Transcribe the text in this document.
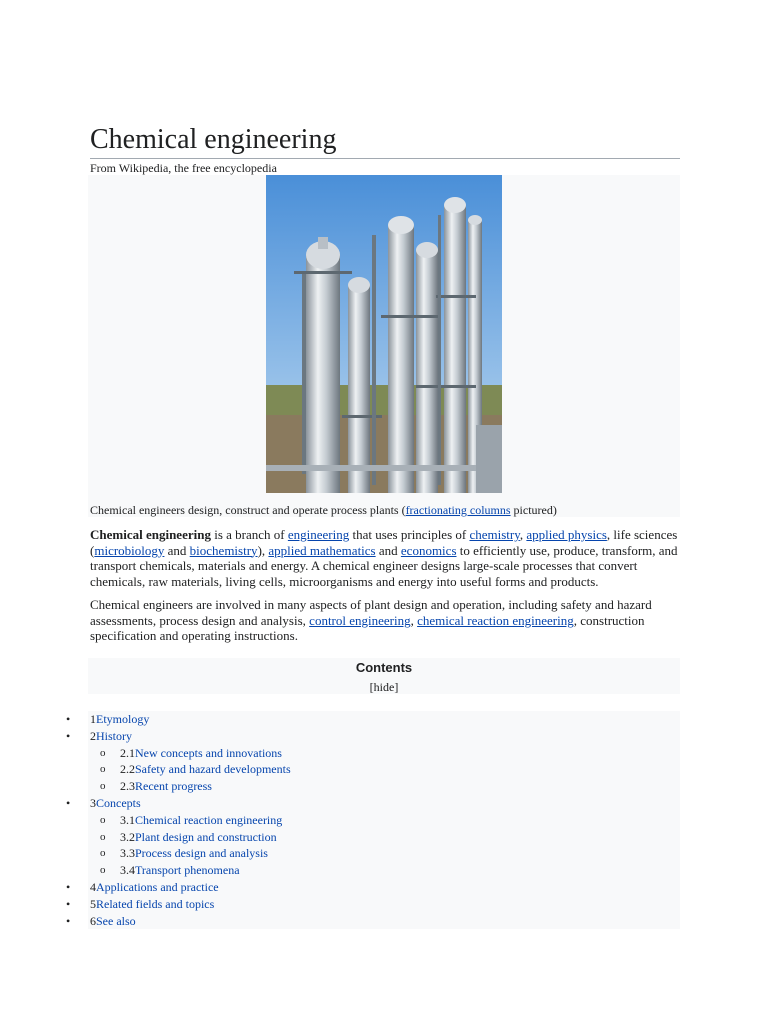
Chemical engineering
From Wikipedia, the free encyclopedia
Chemical engineers design, construct and operate process plants (fractionating columns pictured)

Chemical engineering is a branch of engineering that uses principles of chemistry, applied physics, life sciences (microbiology and biochemistry), applied mathematics and economics to efficiently use, produce, transform, and transport chemicals, materials and energy. A chemical engineer designs large-scale processes that convert chemicals, raw materials, living cells, microorganisms and energy into useful forms and products.

Chemical engineers are involved in many aspects of plant design and operation, including safety and hazard assessments, process design and analysis, control engineering, chemical reaction engineering, construction specification and operating instructions.

Contents
[hide]
• 1Etymology
• 2History
o 2.1New concepts and innovations
o 2.2Safety and hazard developments
o 2.3Recent progress
• 3Concepts
o 3.1Chemical reaction engineering
o 3.2Plant design and construction
o 3.3Process design and analysis
o 3.4Transport phenomena
• 4Applications and practice
• 5Related fields and topics
• 6See also
